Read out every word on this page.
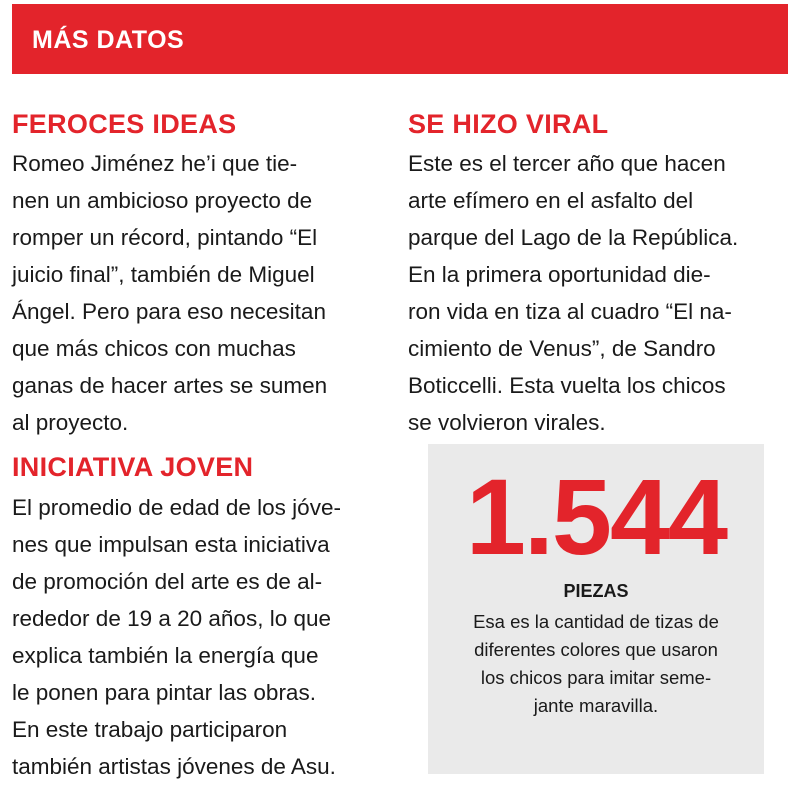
MÁS DATOS
FEROCES IDEAS
Romeo Jiménez he’i que tie-
nen un ambicioso proyecto de
romper un récord, pintando “El
juicio final”, también de Miguel
Ángel. Pero para eso necesitan
que más chicos con muchas
ganas de hacer artes se sumen
al proyecto.
INICIATIVA JOVEN
El promedio de edad de los jóve-
nes que impulsan esta iniciativa
de promoción del arte es de al-
rededor de 19 a 20 años, lo que
explica también la energía que
le ponen para pintar las obras.
En este trabajo participaron
también artistas jóvenes de Asu.
SE HIZO VIRAL
Este es el tercer año que hacen
arte efímero en el asfalto del
parque del Lago de la República.
En la primera oportunidad die-
ron vida en tiza al cuadro “El na-
cimiento de Venus”, de Sandro
Boticcelli. Esta vuelta los chicos
se volvieron virales.
1.544
PIEZAS
Esa es la cantidad de tizas de
diferentes colores que usaron
los chicos para imitar seme-
jante maravilla.
